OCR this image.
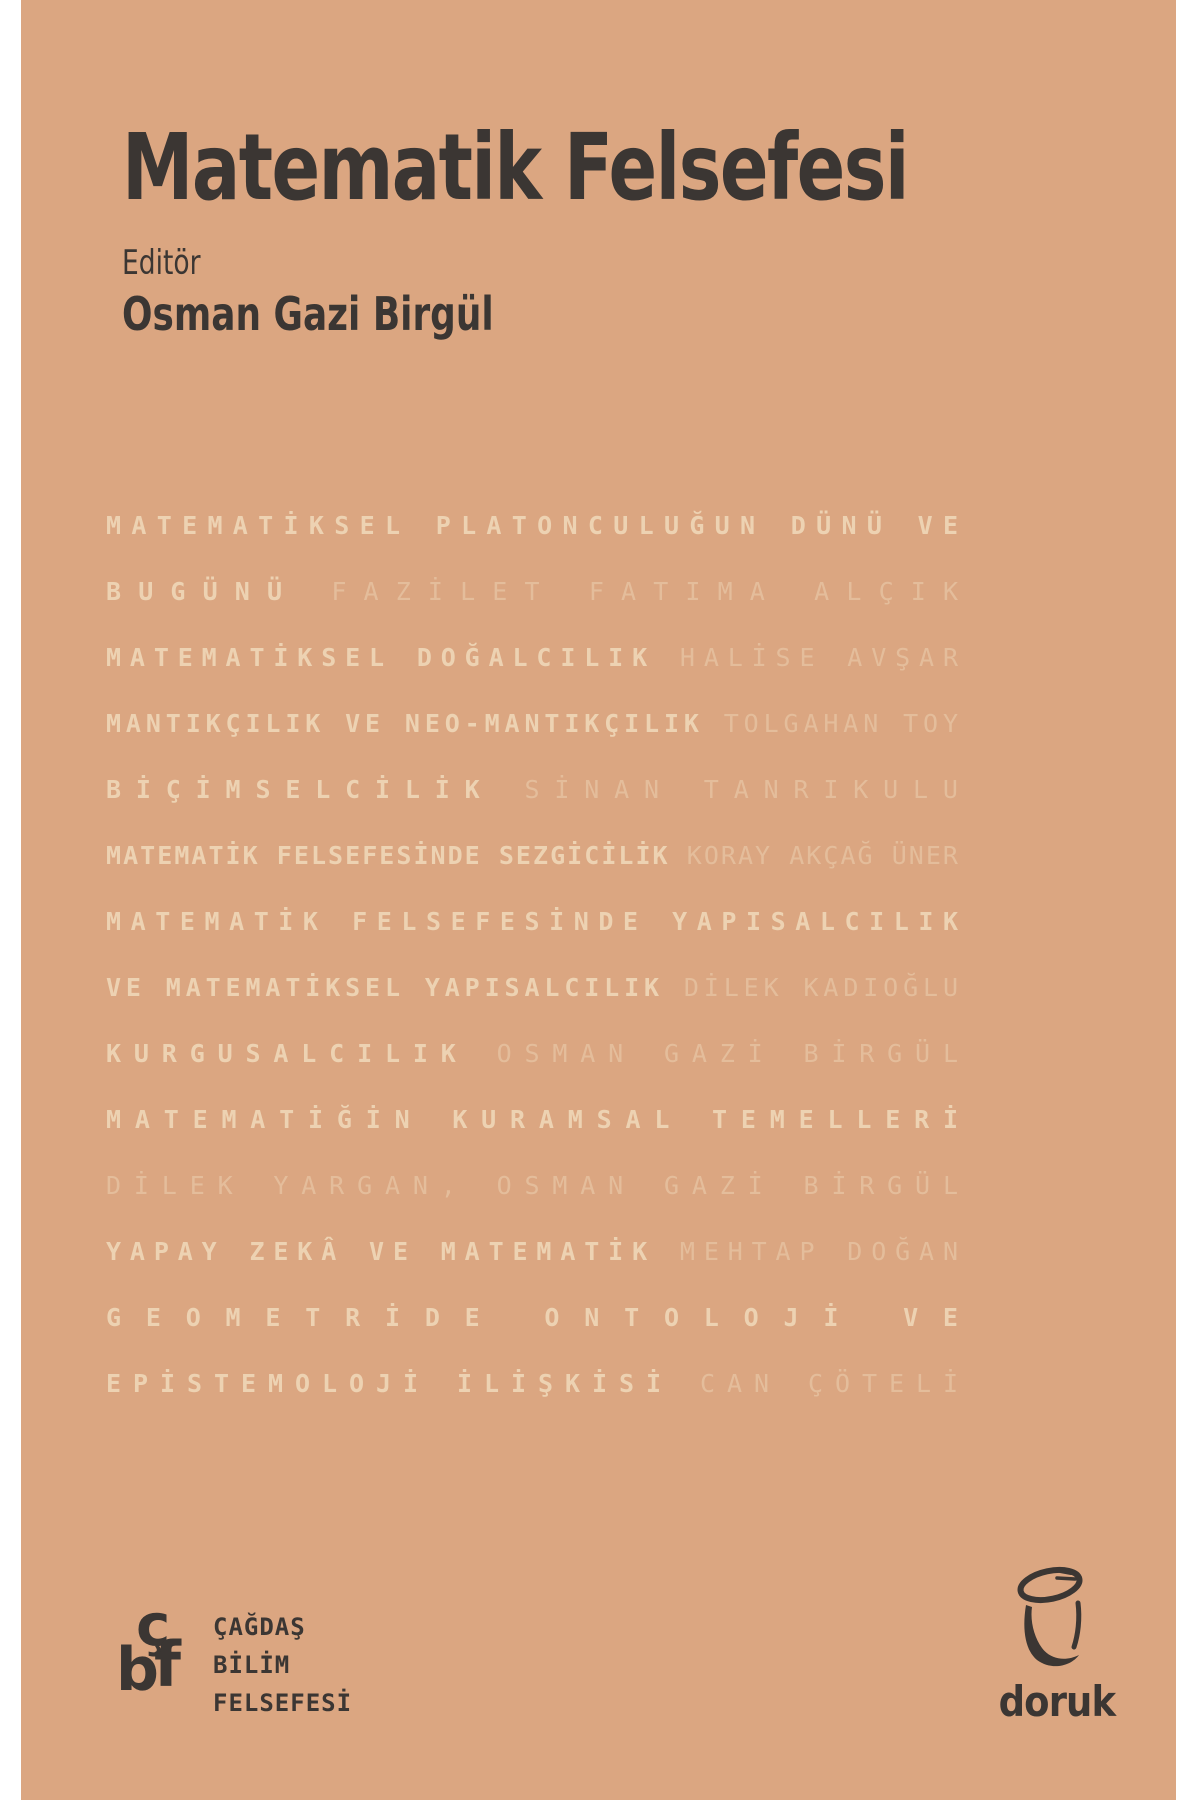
Matematik Felsefesi
Editör
Osman Gazi Birgül
MATEMATİKSEL PLATONCULUĞUN DÜNÜ VE
BUGÜNÜ FAZİLET FATIMA ALÇIK
MATEMATİKSEL DOĞALCILIK HALİSE AVŞAR
MANTIKÇILIK VE NEO-MANTIKÇILIK TOLGAHAN TOY
BİÇİMSELCİLİK SİNAN TANRIKULU
MATEMATİK FELSEFESİNDE SEZGİCİLİK KORAY AKÇAĞ ÜNER
MATEMATİK FELSEFESİNDE YAPISALCILIK
VE MATEMATİKSEL YAPISALCILIK DİLEK KADIOĞLU
KURGUSALCILIK OSMAN GAZİ BİRGÜL
MATEMATİĞİN KURAMSAL TEMELLERİ
DİLEK YARGAN, OSMAN GAZİ BİRGÜL
YAPAY ZEKÂ VE MATEMATİK MEHTAP DOĞAN
GEOMETRİDE ONTOLOJİ VE
EPİSTEMOLOJİ İLİŞKİSİ CAN ÇÖTELİ
ç
b
f
ÇAĞDAŞ
BİLİM
FELSEFESİ	doruk
